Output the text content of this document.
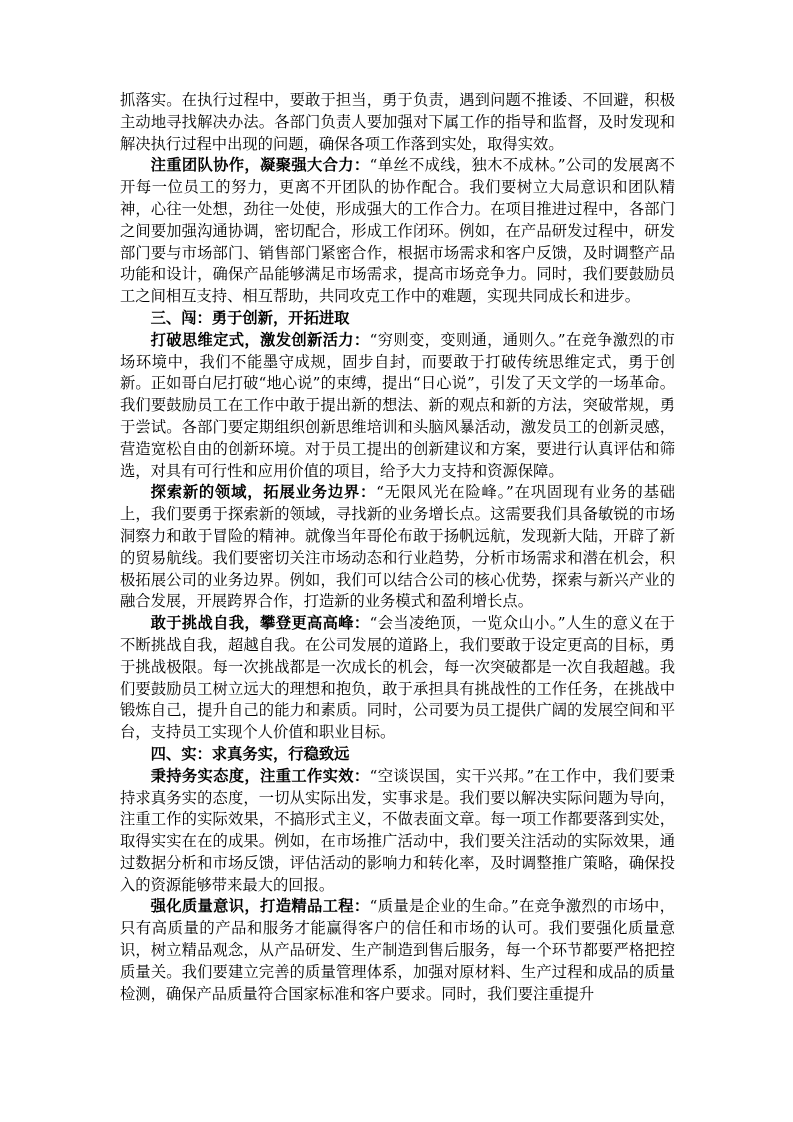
抓落实。在执行过程中，要敢于担当，勇于负责，遇到问题不推诿、不回避，积极主动地寻找解决办法。各部门负责人要加强对下属工作的指导和监督，及时发现和解决执行过程中出现的问题，确保各项工作落到实处，取得实效。

注重团队协作，凝聚强大合力：“单丝不成线，独木不成林。”公司的发展离不开每一位员工的努力，更离不开团队的协作配合。我们要树立大局意识和团队精神，心往一处想，劲往一处使，形成强大的工作合力。在项目推进过程中，各部门之间要加强沟通协调，密切配合，形成工作闭环。例如，在产品研发过程中，研发部门要与市场部门、销售部门紧密合作，根据市场需求和客户反馈，及时调整产品功能和设计，确保产品能够满足市场需求，提高市场竞争力。同时，我们要鼓励员工之间相互支持、相互帮助，共同攻克工作中的难题，实现共同成长和进步。

三、闯：勇于创新，开拓进取

打破思维定式，激发创新活力：“穷则变，变则通，通则久。”在竞争激烈的市场环境中，我们不能墨守成规，固步自封，而要敢于打破传统思维定式，勇于创新。正如哥白尼打破“地心说”的束缚，提出“日心说”，引发了天文学的一场革命。我们要鼓励员工在工作中敢于提出新的想法、新的观点和新的方法，突破常规，勇于尝试。各部门要定期组织创新思维培训和头脑风暴活动，激发员工的创新灵感，营造宽松自由的创新环境。对于员工提出的创新建议和方案，要进行认真评估和筛选，对具有可行性和应用价值的项目，给予大力支持和资源保障。

探索新的领域，拓展业务边界：“无限风光在险峰。”在巩固现有业务的基础上，我们要勇于探索新的领域，寻找新的业务增长点。这需要我们具备敏锐的市场洞察力和敢于冒险的精神。就像当年哥伦布敢于扬帆远航，发现新大陆，开辟了新的贸易航线。我们要密切关注市场动态和行业趋势，分析市场需求和潜在机会，积极拓展公司的业务边界。例如，我们可以结合公司的核心优势，探索与新兴产业的融合发展，开展跨界合作，打造新的业务模式和盈利增长点。

敢于挑战自我，攀登更高高峰：“会当凌绝顶，一览众山小。”人生的意义在于不断挑战自我，超越自我。在公司发展的道路上，我们要敢于设定更高的目标，勇于挑战极限。每一次挑战都是一次成长的机会，每一次突破都是一次自我超越。我们要鼓励员工树立远大的理想和抱负，敢于承担具有挑战性的工作任务，在挑战中锻炼自己，提升自己的能力和素质。同时，公司要为员工提供广阔的发展空间和平台，支持员工实现个人价值和职业目标。

四、实：求真务实，行稳致远

秉持务实态度，注重工作实效：“空谈误国，实干兴邦。”在工作中，我们要秉持求真务实的态度，一切从实际出发，实事求是。我们要以解决实际问题为导向，注重工作的实际效果，不搞形式主义，不做表面文章。每一项工作都要落到实处，取得实实在在的成果。例如，在市场推广活动中，我们要关注活动的实际效果，通过数据分析和市场反馈，评估活动的影响力和转化率，及时调整推广策略，确保投入的资源能够带来最大的回报。

强化质量意识，打造精品工程：“质量是企业的生命。”在竞争激烈的市场中，只有高质量的产品和服务才能赢得客户的信任和市场的认可。我们要强化质量意识，树立精品观念，从产品研发、生产制造到售后服务，每一个环节都要严格把控质量关。我们要建立完善的质量管理体系，加强对原材料、生产过程和成品的质量检测，确保产品质量符合国家标准和客户要求。同时，我们要注重提升
